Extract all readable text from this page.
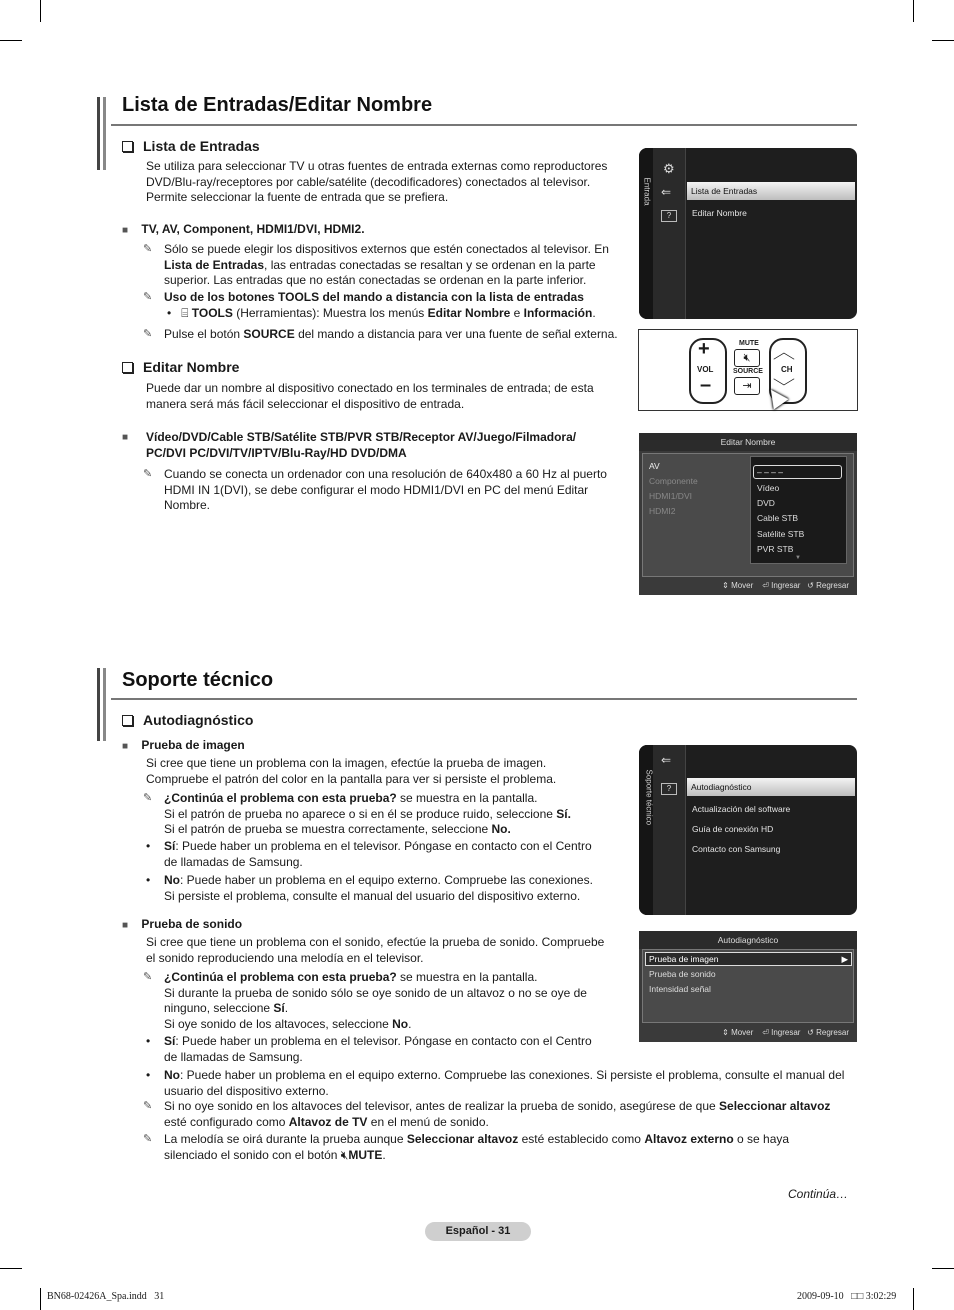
Lista de Entradas/Editar Nombre
Lista de Entradas
Se utiliza para seleccionar TV u otras fuentes de entrada externas como reproductores
DVD/Blu-ray/receptores por cable/satélite (decodificadores) conectados al televisor.
Permite seleccionar la fuente de entrada que se prefiera.
■ TV, AV, Component, HDMI1/DVI, HDMI2.
✎ Sólo se puede elegir los dispositivos externos que estén conectados al televisor. En
Lista de Entradas, las entradas conectadas se resaltan y se ordenan en la parte
superior. Las entradas que no están conectadas se ordenan en la parte inferior.
✎ Uso de los botones TOOLS del mando a distancia con la lista de entradas
•   ⌸ TOOLS (Herramientas): Muestra los menús Editar Nombre e Información.
✎ Pulse el botón SOURCE del mando a distancia para ver una fuente de señal externa.
Editar Nombre
Puede dar un nombre al dispositivo conectado en los terminales de entrada; de esta
manera será más fácil seleccionar el dispositivo de entrada.
■ Vídeo/DVD/Cable STB/Satélite STB/PVR STB/Receptor AV/Juego/Filmadora/
PC/DVI PC/DVI/TV/IPTV/Blu-Ray/HD DVD/DMA
✎ Cuando se conecta un ordenador con una resolución de 640x480 a 60 Hz al puerto
HDMI IN 1(DVI), se debe configurar el modo HDMI1/DVI en PC del menú Editar
Nombre.
Entrada
⚙
⇐
?
Lista de Entradas
Editar Nombre
+
VOL
–
MUTE
🔇︎
SOURCE
⇥
︿
CH
﹀
Editar Nombre
AV
Componente
HDMI1/DVI
HDMI2
– – – –
Vídeo
DVD
Cable STB
Satélite STB
PVR STB
▼
⇕ Mover ⏎ Ingresar ↺ Regresar
Soporte técnico
Autodiagnóstico
■ Prueba de imagen
Si cree que tiene un problema con la imagen, efectúe la prueba de imagen.
Compruebe el patrón del color en la pantalla para ver si persiste el problema.
✎ ¿Continúa el problema con esta prueba? se muestra en la pantalla.
Si el patrón de prueba no aparece o si en él se produce ruido, seleccione Sí.
Si el patrón de prueba se muestra correctamente, seleccione No.
• Sí: Puede haber un problema en el televisor. Póngase en contacto con el Centro
de llamadas de Samsung.
• No: Puede haber un problema en el equipo externo. Compruebe las conexiones.
Si persiste el problema, consulte el manual del usuario del dispositivo externo.
■ Prueba de sonido
Si cree que tiene un problema con el sonido, efectúe la prueba de sonido. Compruebe
el sonido reproduciendo una melodía en el televisor.
✎ ¿Continúa el problema con esta prueba? se muestra en la pantalla.
Si durante la prueba de sonido sólo se oye sonido de un altavoz o no se oye de
ninguno, seleccione Sí.
Si oye sonido de los altavoces, seleccione No.
• Sí: Puede haber un problema en el televisor. Póngase en contacto con el Centro
de llamadas de Samsung.
• No: Puede haber un problema en el equipo externo. Compruebe las conexiones. Si persiste el problema, consulte el manual del
usuario del dispositivo externo.
✎ Si no oye sonido en los altavoces del televisor, antes de realizar la prueba de sonido, asegúrese de que Seleccionar altavoz
esté configurado como Altavoz de TV en el menú de sonido.
✎ La melodía se oirá durante la prueba aunque Seleccionar altavoz esté establecido como Altavoz externo o se haya
silenciado el sonido con el botón 🔇︎MUTE.
Soporte técnico
⇐
?	Autodiagnóstico
Actualización del software
Guía de conexión HD
Contacto con Samsung
Autodiagnóstico
Prueba de imagen	▶
Prueba de sonido
Intensidad señal
⇕ Mover ⏎ Ingresar ↺ Regresar
Continúa…
Español - 31
BN68-02426A_Spa.indd   31	2009-09-10   □□ 3:02:29
